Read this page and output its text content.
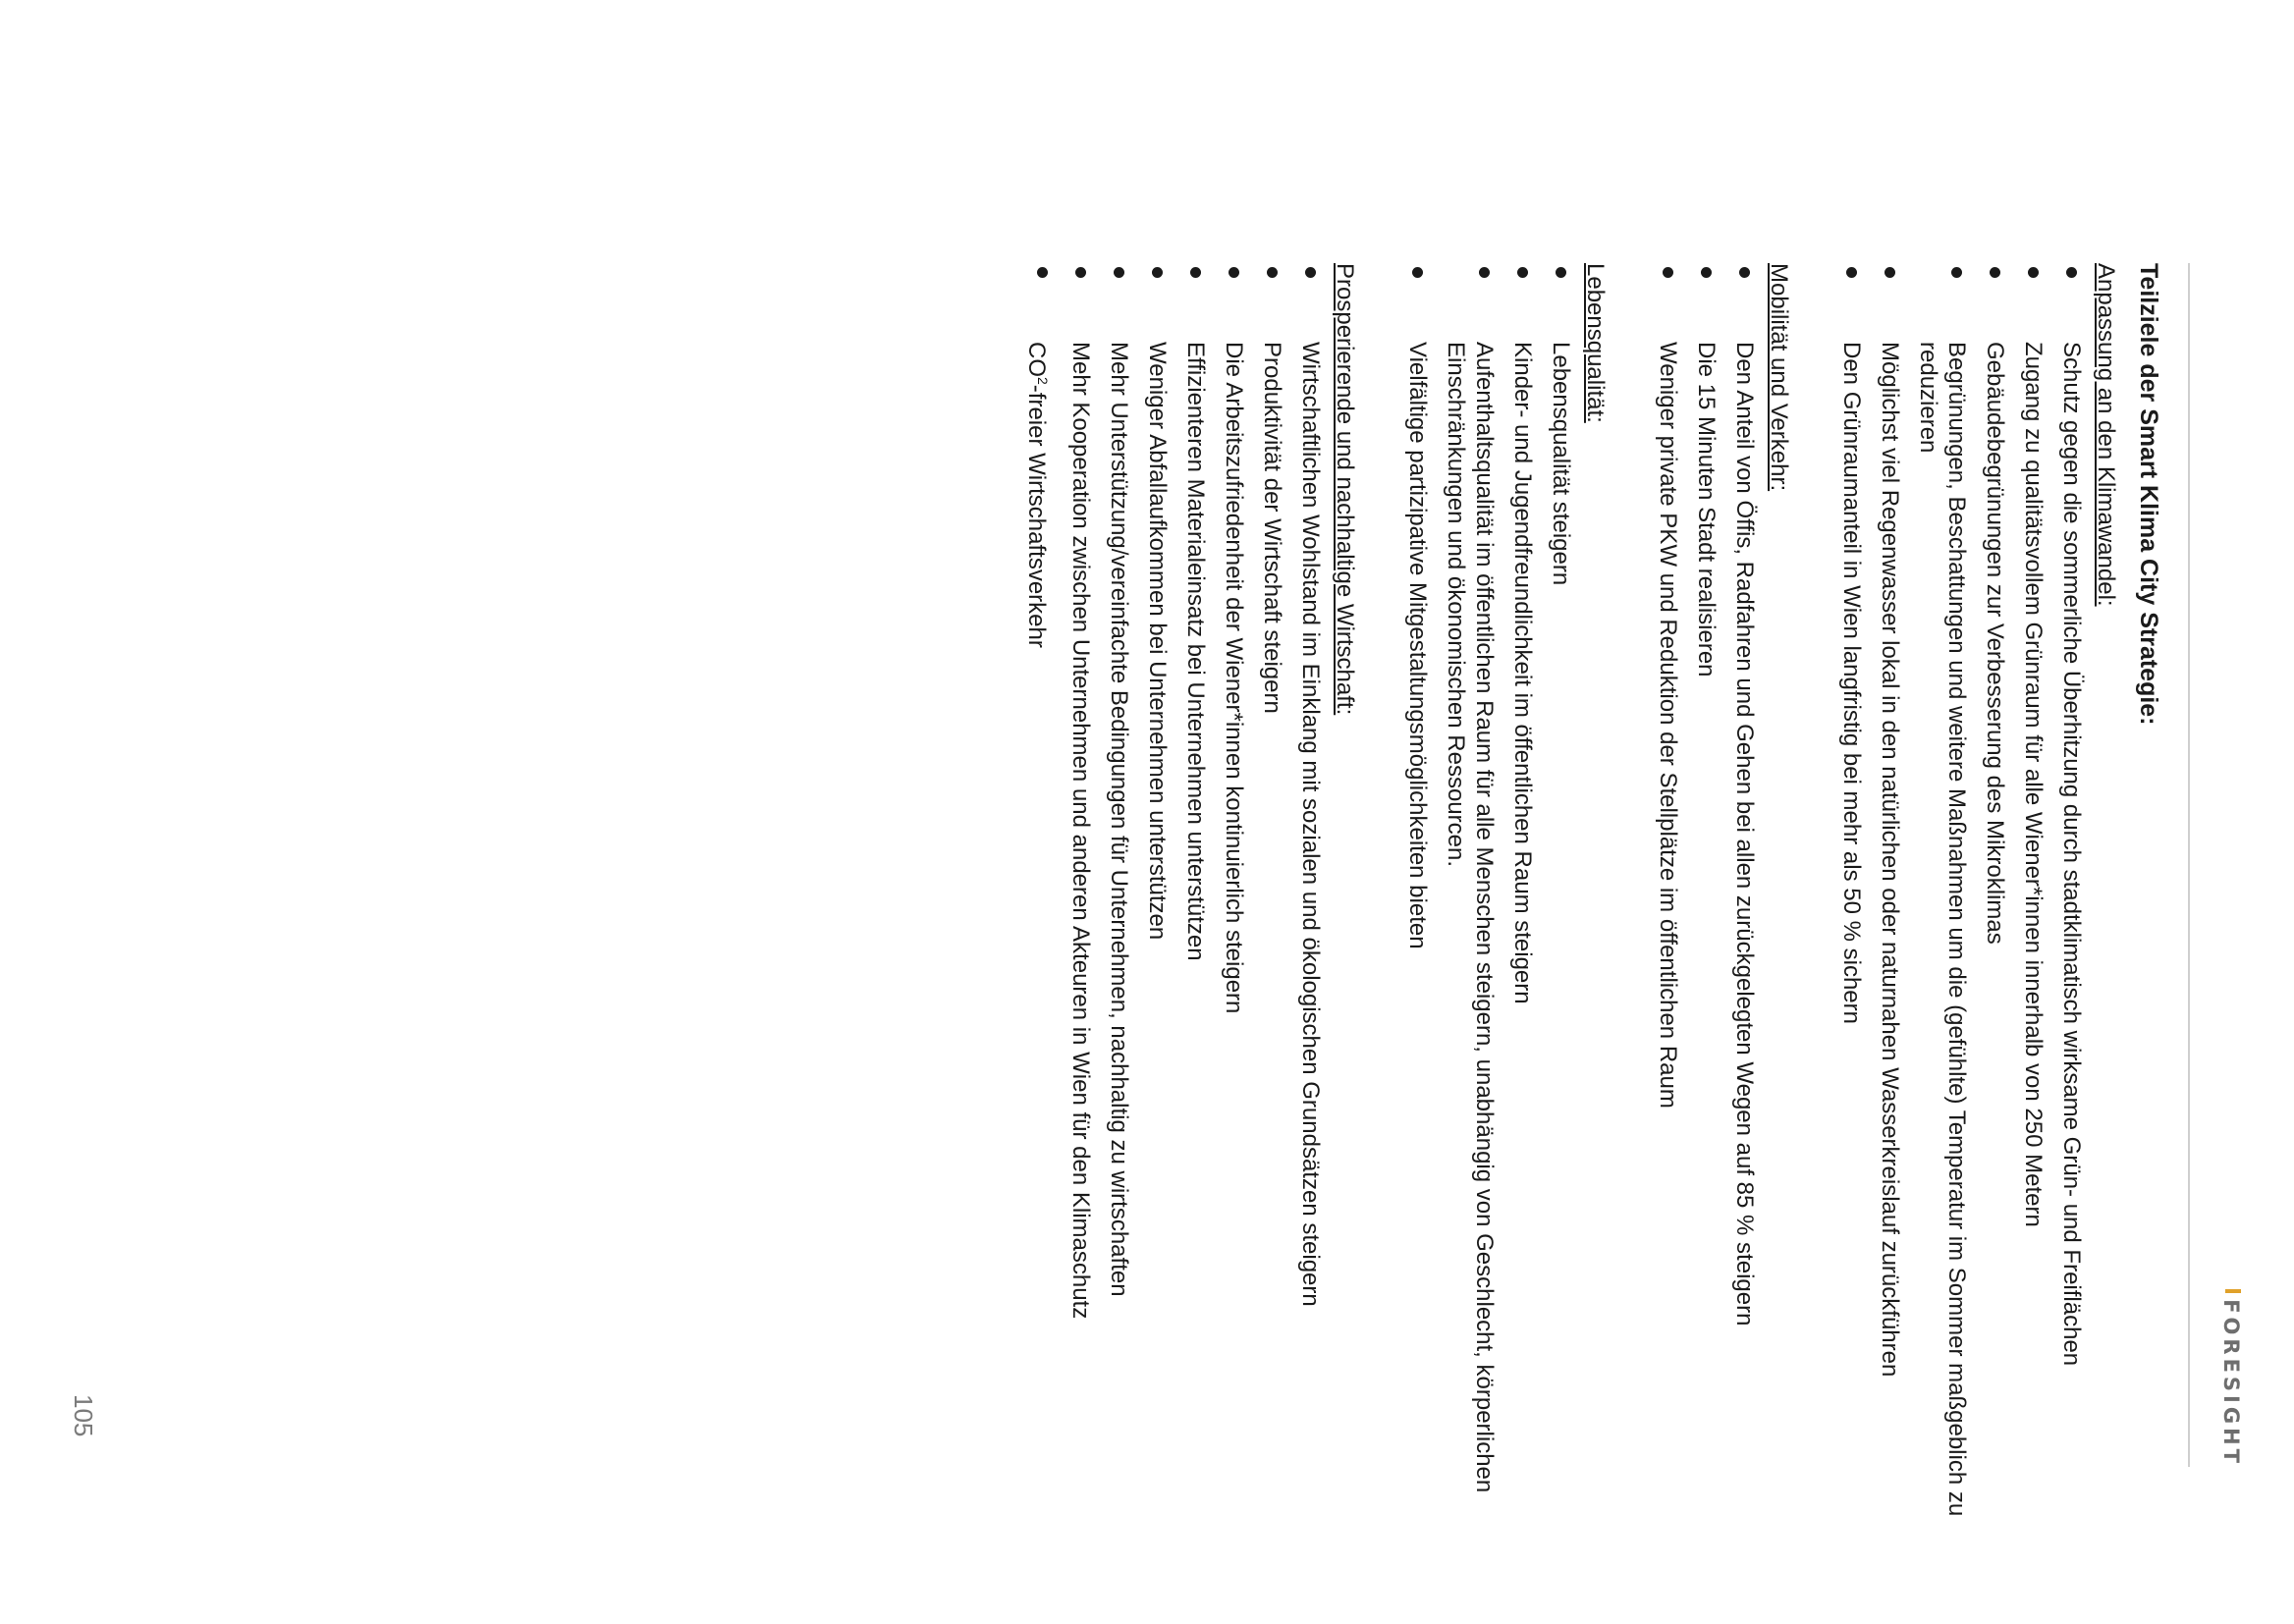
FORESIGHT
Teilziele der Smart Klima City Strategie:
Anpassung an den Klimawandel:
Schutz gegen die sommerliche Überhitzung durch stadtklimatisch wirksame Grün- und Freiflächen
Zugang zu qualitätsvollem Grünraum für alle Wiener*innen innerhalb von 250 Metern
Gebäudebegrünungen zur Verbesserung des Mikroklimas
Begrünungen, Beschattungen und weitere Maßnahmen um die (gefühlte) Temperatur im Sommer maßgeblich zu reduzieren
Möglichst viel Regenwasser lokal in den natürlichen oder naturnahen Wasserkreislauf zurückführen
Den Grünraumanteil in Wien langfristig bei mehr als 50 % sichern
Mobilität und Verkehr:
Den Anteil von Öffis, Radfahren und Gehen bei allen zurückgelegten Wegen auf 85 % steigern
Die 15 Minuten Stadt realisieren
Weniger private PKW und Reduktion der Stellplätze im öffentlichen Raum
Lebensqualität:
Lebensqualität steigern
Kinder- und Jugendfreundlichkeit im öffentlichen Raum steigern
Aufenthaltsqualität im öffentlichen Raum für alle Menschen steigern, unabhängig von Geschlecht, körperlichen Einschränkungen und ökonomischen Ressourcen.
Vielfältige partizipative Mitgestaltungsmöglichkeiten bieten
Prosperierende und nachhaltige Wirtschaft:
Wirtschaftlichen Wohlstand im Einklang mit sozialen und ökologischen Grundsätzen steigern
Produktivität der Wirtschaft steigern
Die Arbeitszufriedenheit der Wiener*innen kontinuierlich steigern
Effizienteren Materialeinsatz bei Unternehmen unterstützen
Weniger Abfallaufkommen bei Unternehmen unterstützen
Mehr Unterstützung/vereinfachte Bedingungen für Unternehmen, nachhaltig zu wirtschaften
Mehr Kooperation zwischen Unternehmen und anderen Akteuren in Wien für den Klimaschutz
$CO^2$-freier Wirtschaftsverkehr
105
